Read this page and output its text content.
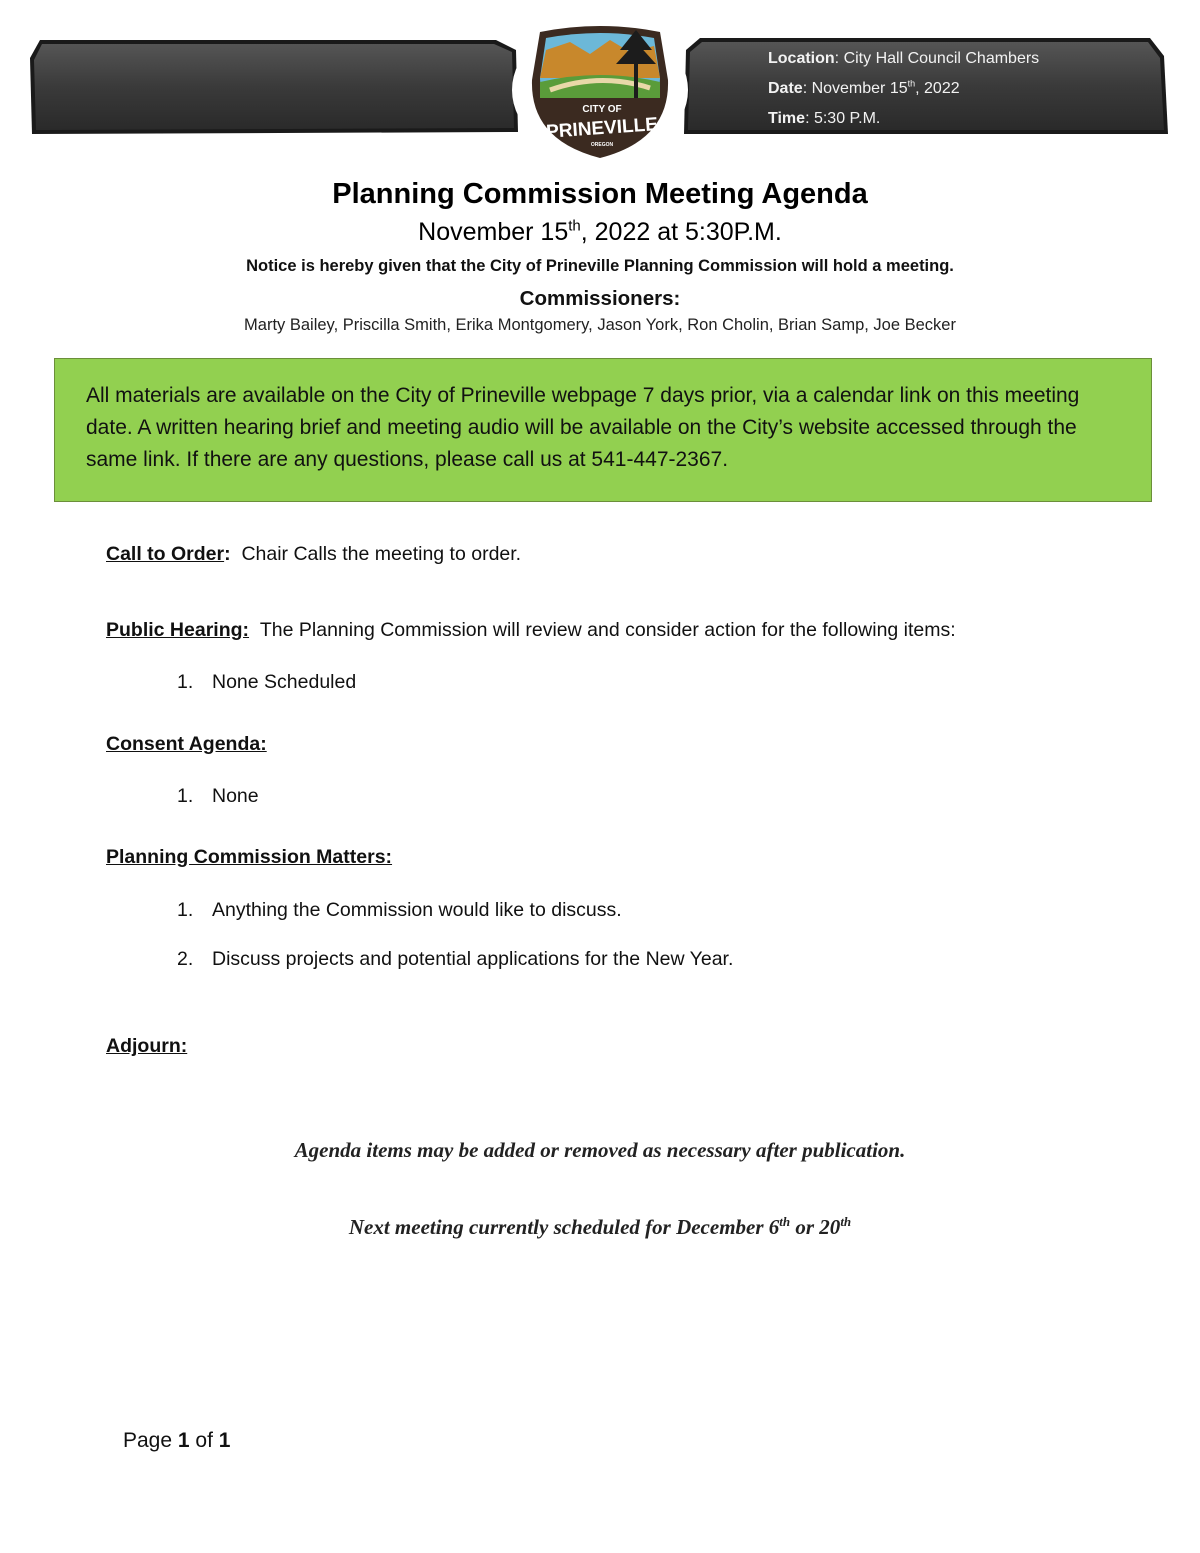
CITY OF
PRINEVILLE
OREGON
Location: City Hall Council Chambers
Date: November 15th, 2022
Time: 5:30 P.M.
Planning Commission Meeting Agenda
November 15th, 2022 at 5:30P.M.
Notice is hereby given that the City of Prineville Planning Commission will hold a meeting.
Commissioners:
Marty Bailey, Priscilla Smith, Erika Montgomery, Jason York, Ron Cholin, Brian Samp, Joe Becker
All materials are available on the City of Prineville webpage 7 days prior, via a calendar link on this meeting date. A written hearing brief and meeting audio will be available on the City’s website accessed through the same link. If there are any questions, please call us at 541-447-2367.
Call to Order: Chair Calls the meeting to order.
Public Hearing: The Planning Commission will review and consider action for the following items:
1. None Scheduled
Consent Agenda:
1. None
Planning Commission Matters:
1. Anything the Commission would like to discuss.
2. Discuss projects and potential applications for the New Year.
Adjourn:
Agenda items may be added or removed as necessary after publication.
Next meeting currently scheduled for December 6th or 20th
Page 1 of 1
